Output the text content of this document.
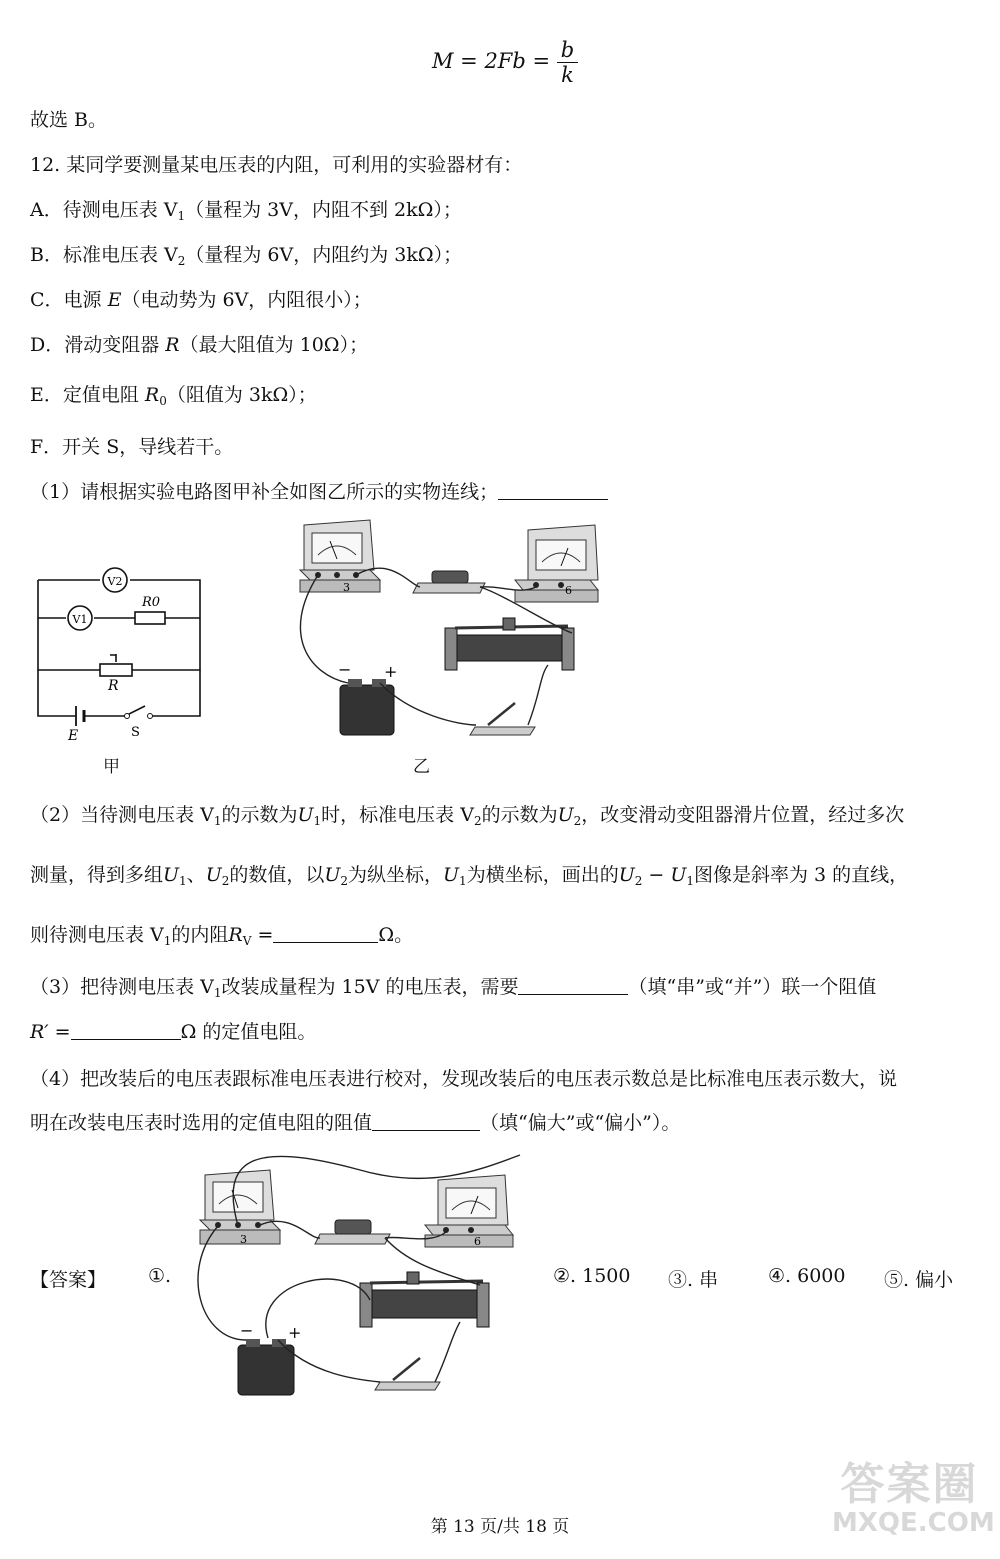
$M = 2Fb = \frac{b}{k}$
故选 B。
12. 某同学要测量某电压表的内阻，可利用的实验器材有：
A．待测电压表 $V_1$（量程为 3V，内阻不到 2kΩ）；
B．标准电压表 $V_2$（量程为 6V，内阻约为 3kΩ）；
C．电源 E（电动势为 6V，内阻很小）；
D．滑动变阻器 R（最大阻值为 10Ω）；
E．定值电阻 $R_0$（阻值为 3kΩ）；
F．开关 S，导线若干。
（1）请根据实验电路图甲补全如图乙所示的实物连线；
V2
V1
R0
R
E	S
甲
3	6
− +
乙
（2）当待测电压表 $V_1$的示数为$U_1$时，标准电压表 $V_2$的示数为$U_2$，改变滑动变阻器滑片位置，经过多次
测量，得到多组$U_1$、$U_2$的数值，以$U_2$为纵坐标，$U_1$为横坐标，画出的$U_2 - U_1$图像是斜率为 3 的直线，
则待测电压表 $V_1$的内阻$R_V$ =	Ω。
（3）把待测电压表 $V_1$改装成量程为 15V 的电压表，需要	（填“串”或“并”）联一个阻值
R′ =	Ω 的定值电阻。
（4）把改装后的电压表跟标准电压表进行校对，发现改装后的电压表示数总是比标准电压表示数大，说
明在改装电压表时选用的定值电阻的阻值	（填“偏大”或“偏小”）。
【答案】 ①.
3	6
− +
②. 1500 ③. 串	④. 6000 ⑤. 偏小
答案圈
MXQE.COM
第 13 页/共 18 页
